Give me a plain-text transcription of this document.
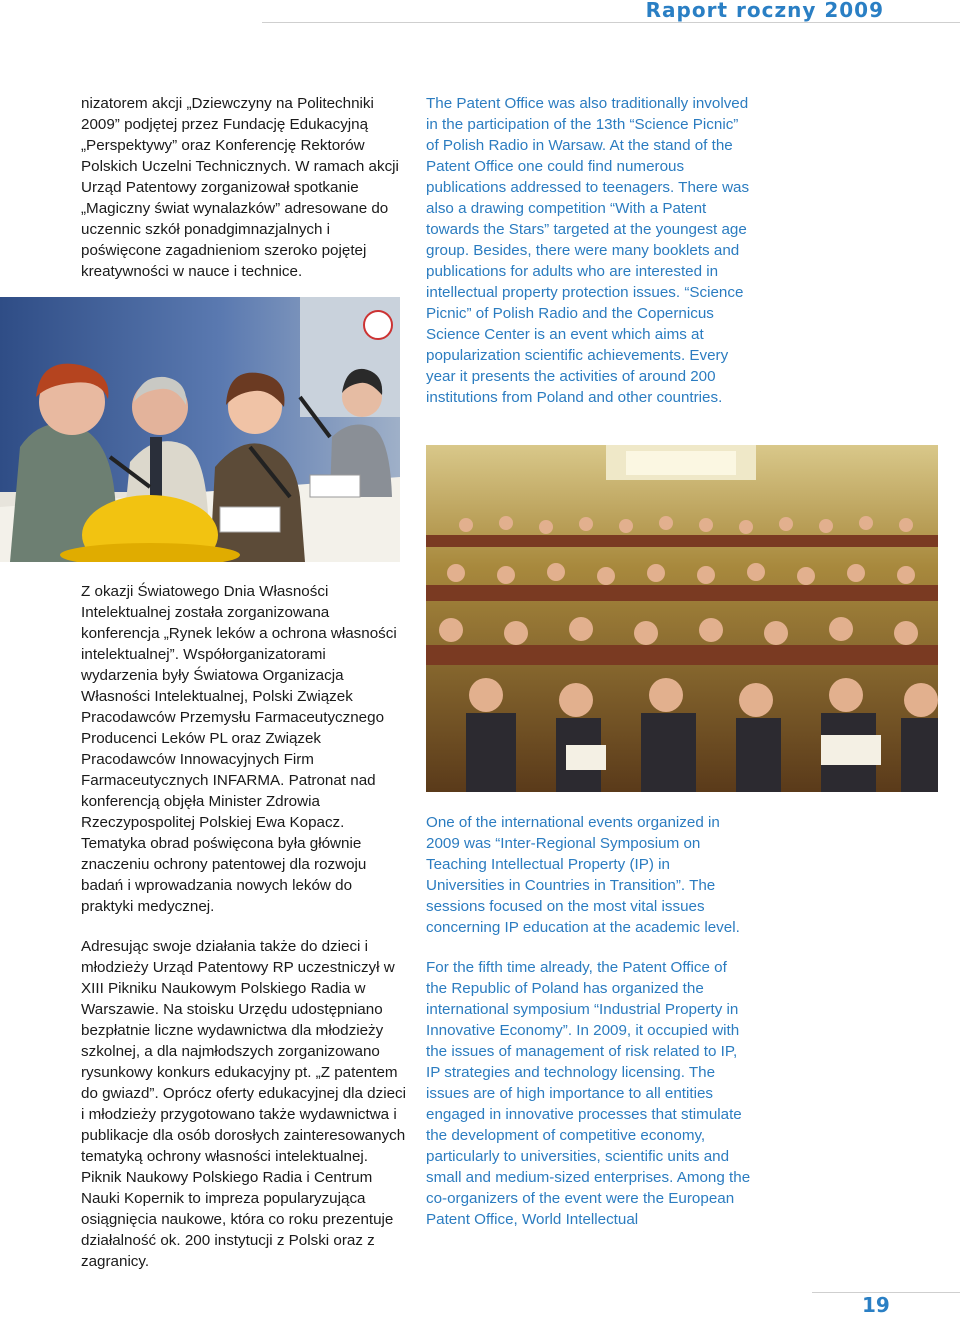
Raport roczny 2009

nizatorem akcji „Dziewczyny na Politechniki 2009” podjętej przez Fundację Edukacyjną „Perspektywy” oraz Konferencję Rektorów Polskich Uczelni Technicznych. W ramach akcji Urząd Patentowy zorganizował spotkanie „Magiczny świat wynalazków” adresowane do uczennic szkół ponadgimnazjalnych i poświęcone zagadnieniom szeroko pojętej kreatywności w nauce i technice.

Z okazji Światowego Dnia Własności Intelektualnej została zorganizowana konferencja „Rynek leków a ochrona własności intelektualnej”. Współorganizatorami wydarzenia były Światowa Organizacja Własności Intelektualnej, Polski Związek Pracodawców Przemysłu Farmaceutycznego Producenci Leków PL oraz Związek Pracodawców Innowacyjnych Firm Farmaceutycznych INFARMA. Patronat nad konferencją objęła Minister Zdrowia Rzeczypospolitej Polskiej Ewa Kopacz. Tematyka obrad poświęcona była głównie znaczeniu ochrony patentowej dla rozwoju badań i wprowadzania nowych leków do praktyki medycznej.

Adresując swoje działania także do dzieci i młodzieży Urząd Patentowy RP uczestniczył w XIII Pikniku Naukowym Polskiego Radia w Warszawie. Na stoisku Urzędu udostępniano bezpłatnie liczne wydawnictwa dla młodzieży szkolnej, a dla najmłodszych zorganizowano rysunkowy konkurs edukacyjny pt. „Z patentem do gwiazd”. Oprócz oferty edukacyjnej dla dzieci i młodzieży przygotowano także wydawnictwa i publikacje dla osób dorosłych zainteresowanych tematyką ochrony własności intelektualnej. Piknik Naukowy Polskiego Radia i Centrum Nauki Kopernik to impreza popularyzująca osiągnięcia naukowe, która co roku prezentuje działalność ok. 200 instytucji z Polski oraz z zagranicy.

The Patent Office was also traditionally involved in the participation of the 13th “Science Picnic” of Polish Radio in Warsaw. At the stand of the Patent Office one could find numerous publications addressed to teenagers. There was also a drawing competition “With a Patent towards the Stars” targeted at the youngest age group. Besides, there were many booklets and publications for adults who are interested in intellectual property protection issues. “Science Picnic” of Polish Radio and the Copernicus Science Center is an event which aims at popularization scientific achievements. Every year it presents the activities of around 200 institutions from Poland and other countries.

One of the international events organized in 2009 was “Inter-Regional Symposium on Teaching Intellectual Property (IP) in Universities in Countries in Transition”. The sessions focused on the most vital issues concerning IP education at the academic level.

For the fifth time already, the Patent Office of the Republic of Poland has organized the international symposium “Industrial Property in Innovative Economy”. In 2009, it occupied with the issues of management of risk related to IP, IP strategies and technology licensing. The issues are of high importance to all entities engaged in innovative processes that stimulate the development of competitive economy, particularly to universities, scientific units and small and medium-sized enterprises. Among the co-organizers of the event were the European Patent Office, World Intellectual

19
